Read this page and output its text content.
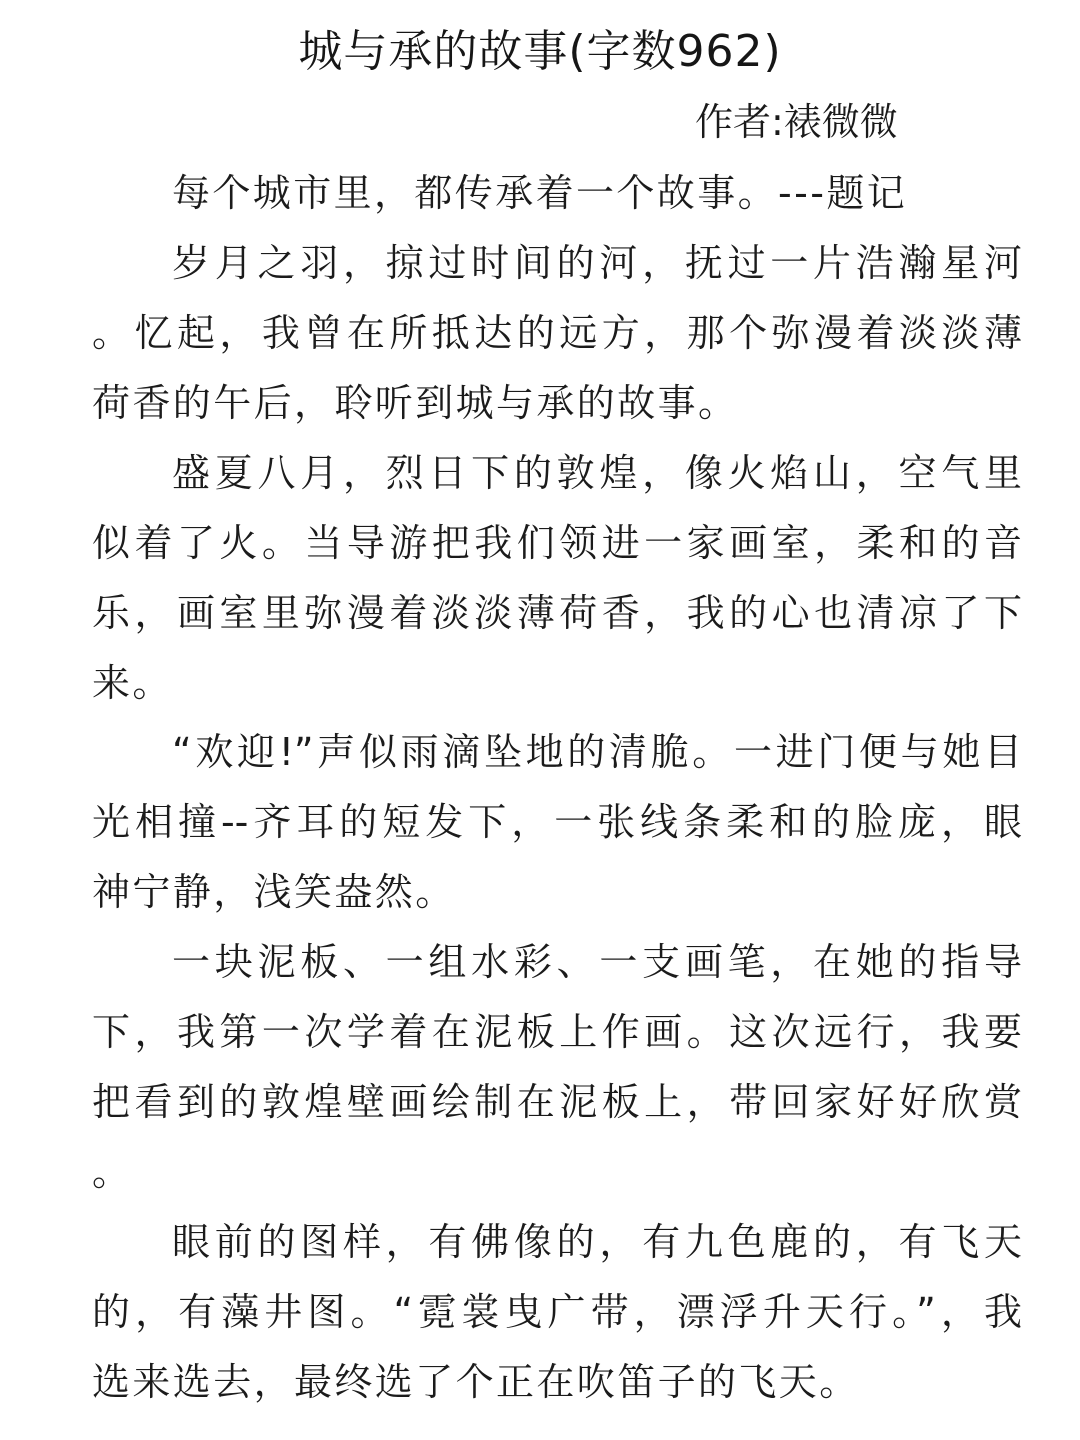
城与承的故事(字数962)
作者:裱微微
每个城市里，都传承着一个故事。---题记
岁月之羽，掠过时间的河，抚过一片浩瀚星河
。忆起，我曾在所抵达的远方，那个弥漫着淡淡薄
荷香的午后，聆听到城与承的故事。
盛夏八月，烈日下的敦煌，像火焰山，空气里
似着了火。当导游把我们领进一家画室，柔和的音
乐，画室里弥漫着淡淡薄荷香，我的心也清凉了下
来。
“欢迎!”声似雨滴坠地的清脆。一进门便与她目
光相撞--齐耳的短发下，一张线条柔和的脸庞，眼
神宁静，浅笑盎然。
一块泥板、一组水彩、一支画笔，在她的指导
下，我第一次学着在泥板上作画。这次远行，我要
把看到的敦煌壁画绘制在泥板上，带回家好好欣赏
。
眼前的图样，有佛像的，有九色鹿的，有飞天
的，有藻井图。“霓裳曳广带，漂浮升天行。”，我
选来选去，最终选了个正在吹笛子的飞天。
